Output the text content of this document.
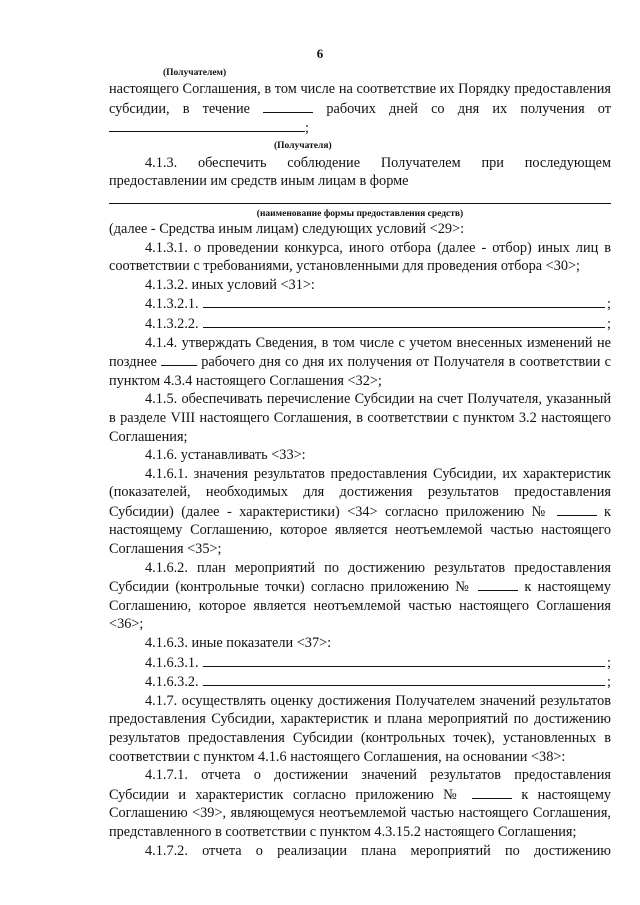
6
(Получателем)

настоящего Соглашения, в том числе на соответствие их Порядку предоставления субсидии, в течение	рабочих дней со дня их получения от ;

(Получателя)

4.1.3. обеспечить соблюдение Получателем при последующем предоставлении им средств иным лицам в форме

(наименование формы предоставления средств)

(далее - Средства иным лицам) следующих условий <29>:

4.1.3.1. о проведении конкурса, иного отбора (далее - отбор) иных лиц в соответствии с требованиями, установленными для проведения отбора <30>;

4.1.3.2. иных условий <31>:

4.1.3.2.1.	;
4.1.3.2.2.	;

4.1.4. утверждать Сведения, в том числе с учетом внесенных изменений не позднее	рабочего дня со дня их получения от Получателя в соответствии с пунктом 4.3.4 настоящего Соглашения <32>;

4.1.5. обеспечивать перечисление Субсидии на счет Получателя, указанный в разделе VIII настоящего Соглашения, в соответствии с пунктом 3.2 настоящего Соглашения;

4.1.6. устанавливать <33>:

4.1.6.1. значения результатов предоставления Субсидии, их характеристик (показателей, необходимых для достижения результатов предоставления Субсидии) (далее - характеристики) <34> согласно приложению №	к настоящему Соглашению, которое является неотъемлемой частью настоящего Соглашения <35>;

4.1.6.2. план мероприятий по достижению результатов предоставления Субсидии (контрольные точки) согласно приложению №	к настоящему Соглашению, которое является неотъемлемой частью настоящего Соглашения <36>;

4.1.6.3. иные показатели <37>:

4.1.6.3.1.	;
4.1.6.3.2.	;

4.1.7. осуществлять оценку достижения Получателем значений результатов предоставления Субсидии, характеристик и плана мероприятий по достижению результатов предоставления Субсидии (контрольных точек), установленных в соответствии с пунктом 4.1.6 настоящего Соглашения, на основании <38>:

4.1.7.1. отчета о достижении значений результатов предоставления Субсидии и характеристик согласно приложению №	к настоящему Соглашению <39>, являющемуся неотъемлемой частью настоящего Соглашения, представленного в соответствии с пунктом 4.3.15.2 настоящего Соглашения;

4.1.7.2. отчета о реализации плана мероприятий по достижению
